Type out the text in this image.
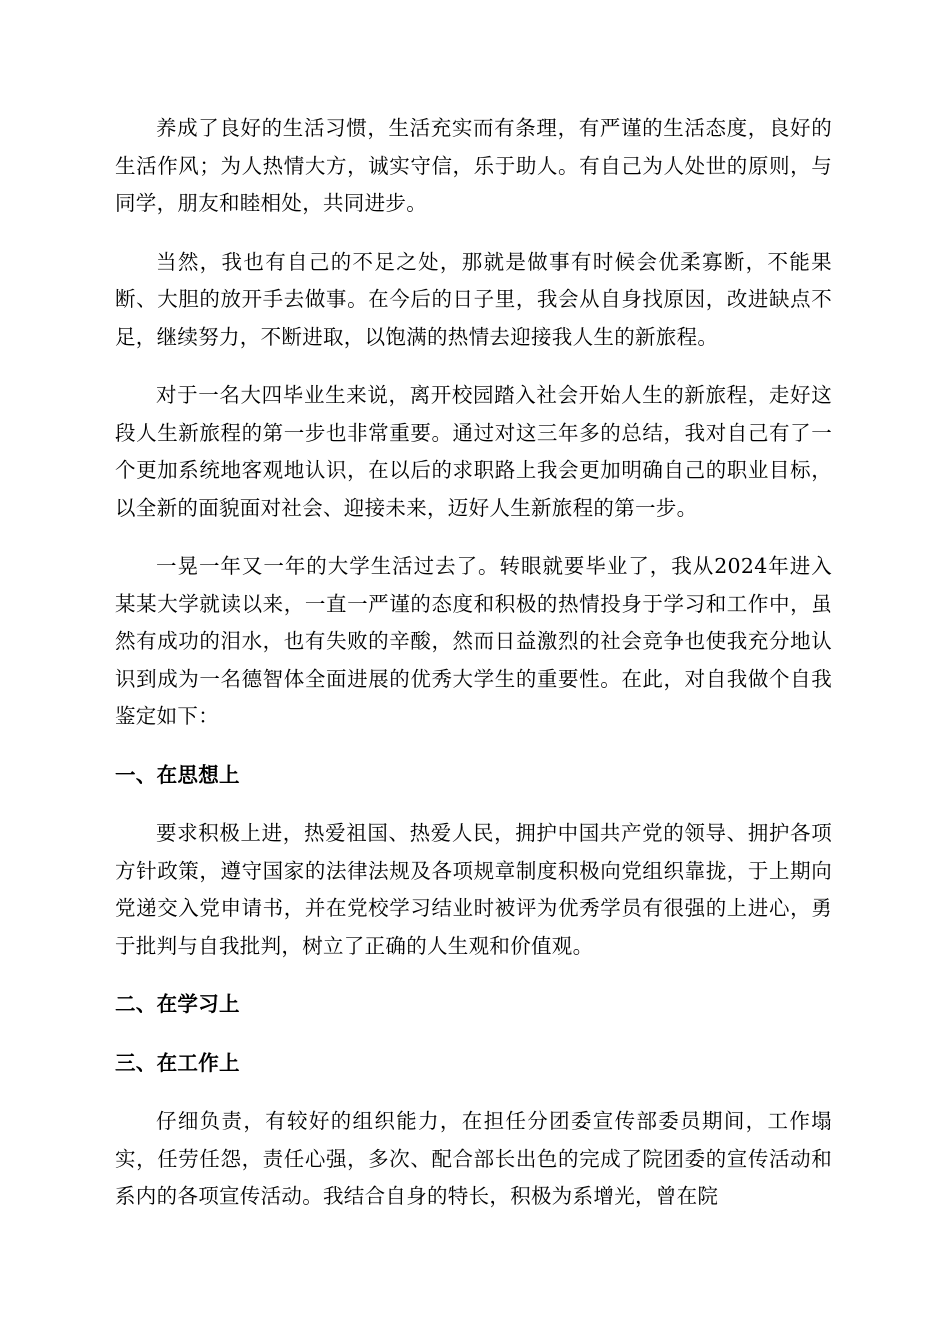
养成了良好的生活习惯，生活充实而有条理，有严谨的生活态度，良好的生活作风；为人热情大方，诚实守信，乐于助人。有自己为人处世的原则，与同学，朋友和睦相处，共同进步。

当然，我也有自己的不足之处，那就是做事有时候会优柔寡断，不能果断、大胆的放开手去做事。在今后的日子里，我会从自身找原因，改进缺点不足，继续努力，不断进取，以饱满的热情去迎接我人生的新旅程。

对于一名大四毕业生来说，离开校园踏入社会开始人生的新旅程，走好这段人生新旅程的第一步也非常重要。通过对这三年多的总结，我对自己有了一个更加系统地客观地认识，在以后的求职路上我会更加明确自己的职业目标，以全新的面貌面对社会、迎接未来，迈好人生新旅程的第一步。

一晃一年又一年的大学生活过去了。转眼就要毕业了，我从2024年进入某某大学就读以来，一直一严谨的态度和积极的热情投身于学习和工作中，虽然有成功的泪水，也有失败的辛酸，然而日益激烈的社会竞争也使我充分地认识到成为一名德智体全面进展的优秀大学生的重要性。在此，对自我做个自我鉴定如下：

一、在思想上

要求积极上进，热爱祖国、热爱人民，拥护中国共产党的领导、拥护各项方针政策，遵守国家的法律法规及各项规章制度积极向党组织靠拢，于上期向党递交入党申请书，并在党校学习结业时被评为优秀学员有很强的上进心，勇于批判与自我批判，树立了正确的人生观和价值观。

二、在学习上
三、在工作上

仔细负责，有较好的组织能力，在担任分团委宣传部委员期间，工作塌实，任劳任怨，责任心强，多次、配合部长出色的完成了院团委的宣传活动和系内的各项宣传活动。我结合自身的特长，积极为系增光，曾在院
